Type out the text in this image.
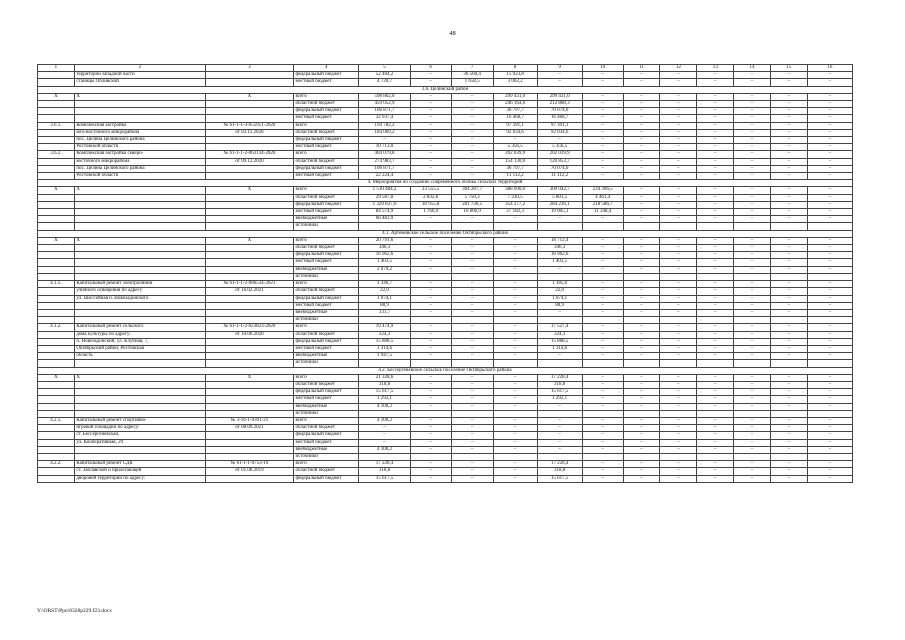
48
1	2	3	4	5	6	7	8	9	10	11	12	13	14	15	16
	территории западной части		федеральный бюджет	52 484,2	–	36 560,4	15 923,8	–	–	–	–	–	–	–	–
	станицы Обливской		местный бюджет	4 720,7	–	1 658,5	3 062,2	–	–	–	–	–	–	–	–
3.6. Целинский район															
Х	Х	Х	всего	598 862,0	–	–	299 431,0	299 431,0	–	–	–	–	–	–	–
			областной бюджет	459 052,9	–	–	246 164,6	212 888,3	–	–	–	–	–	–	–
			федеральный бюджет	106 871,7	–	–	36 797,7	70 074,0	–	–	–	–	–	–	–
			местный бюджет	32 937,4	–	–	16 468,7	16 468,7	–	–	–	–	–	–	–
3.6.1.	Комплексная застройка	№ 61-1-1-3-055951-2020	всего	194 782,2	–	–	97 391,1	97 391,1	–	–	–	–	–	–	–
	юго-восточного микрорайона	от 03.11.2020	областной бюджет	184 069,2	–	–	92 034,6	92 034,6	–	–	–	–	–	–	–
	пос. Целина Целинского района		федеральный бюджет	–	–	–	–	–	–	–	–	–	–	–	–
	Ростовской области		местный бюджет	10 713,0	–	–	5 356,5	5 356,5	–	–	–	–	–	–	–
3.6.2.	Комплексная застройка северо-	№ 61-1-1-2-063134-2020	всего	404 079,8	–	–	202 039,9	202 039,9	–	–	–	–	–	–	–
	восточного микрорайона	от 09.12.2020	областной бюджет	274 983,7	–	–	154 130,0	120 853,7	–	–	–	–	–	–	–
	пос. Целина Целинского района		федеральный бюджет	106 871,7	–	–	36 797,7	70 074,0	–	–	–	–	–	–	–
	Ростовской области		местный бюджет	22 224,4	–	–	11 112,2	11 112,2	–	–	–	–	–	–	–
4. Мероприятия по созданию современного облика сельских территорий															
Х	Х	Х	всего	1 510 484,2	23 555,5	304 287,7	388 690,0	309 042,7	234 396,5	–	–	–	–	–	–
			областной бюджет	29 587,8	2 832,8	5 750,3	7 230,5	5 801,5	4 461,4	–	–	–	–	–	–
			федеральный бюджет	1 329 837,6	18 955,8	281 730,5	354 277,2	284 236,1	218 586,7	–	–	–	–	–	–
			местный бюджет	84 574,9	1 766,9	16 806,9	27 182,3	19 005,1	11 348,4	–	–	–	–	–	–
			внебюджетные	66 483,9	–	–	–	–	–	–	–	–	–	–	–
			источники												
4.1. Артемовское сельское поселение Октябрьского района															
Х	Х	Х	всего	20 791,6	–	–	–	18 712,4	–	–	–	–	–	–	–
			областной бюджет	346,3	–	–	–	346,3	–	–	–	–	–	–	–
			федеральный бюджет	16 962,6	–	–	–	16 962,6	–	–	–	–	–	–	–
			местный бюджет	1 403,5	–	–	–	1 403,5	–	–	–	–	–	–	–
			внебюджетные	2 079,2	–	–	–	–	–	–	–	–	–	–	–
			источники												
4.1.1.	Капитальный ремонт электролинии	№ 61-1-1-2-006534-2021	всего	1 346,7	–	–	–	1 185,0	–	–	–	–	–	–	–
	уличного освещения по адресу	от 16.02.2021	областной бюджет	22,0	–	–	–	22,0	–	–	–	–	–	–	–
	ул. Шоссейная п. Новозадонского		федеральный бюджет	1 074,1	–	–	–	1 074,1	–	–	–	–	–	–	–
			местный бюджет	88,9	–	–	–	88,9	–	–	–	–	–	–	–
			внебюджетные	131,7	–	–	–	–	–	–	–	–	–	–	–
			источники												
4.1.2.	Капитальный ремонт сельского	№ 61-1-1-2-023823-2020	всего	19 474,9	–	–	–	17 527,4	–	–	–	–	–	–	–
	дома культуры по адресу:	от 10.06.2020	областной бюджет	324,3	–	–	–	324,3	–	–	–	–	–	–	–
	п. Новозадонский, ул. Клубная, 7,		федеральный бюджет	15 888,5	–	–	–	15 888,5	–	–	–	–	–	–	–
	Октябрьский район, Ростовская		местный бюджет	1 314,6	–	–	–	1 314,6	–	–	–	–	–	–	–
	область		внебюджетные	1 947,5	–	–	–	–	–	–	–	–	–	–	–
			источники												
4.2. Бессергеневское сельское поселение Октябрьского района															
Х	Х	Х	всего	21 328,6	–	–	–	17 228,4	–	–	–	–	–	–	–
			областной бюджет	318,8	–	–	–	318,8	–	–	–	–	–	–	–
			федеральный бюджет	15 617,5	–	–	–	15 617,5	–	–	–	–	–	–	–
			местный бюджет	1 292,1	–	–	–	1 292,1	–	–	–	–	–	–	–
			внебюджетные	4 100,2	–	–	–	–	–	–	–	–	–	–	–
			источники												
4.2.1.	Капитальный ремонт спортивно-	№ 3-16-1-0391-21	всего	4 100,2	–	–	–	–	–	–	–	–	–	–	–
	игровой площадки по адресу:	от 08.09.2021	областной бюджет	–	–	–	–	–	–	–	–	–	–	–	–
	ст. Бессергеневская,		федеральный бюджет	–	–	–	–	–	–	–	–	–	–	–	–
	ул. Кооперативная, 29		местный бюджет	–	–	–	–	–	–	–	–	–	–	–	–
			внебюджетные	4 100,2	–	–	–	–	–	–	–	–	–	–	–
			источники												
4.2.2.	Капитальный ремонт СДК	№ 61-1-1-0753-19	всего	17 228,4	–	–	–	17 228,4	–	–	–	–	–	–	–
	ст. Заплавской и прилегающей	от 01.08.2019	областной бюджет	318,8	–	–	–	318,8	–	–	–	–	–	–	–
	дворовой территории по адресу:		федеральный бюджет	15 617,5	–	–	–	15 617,5	–	–	–	–	–	–	–
Y:\ORST\Ppo\0328p229.f23.docx
